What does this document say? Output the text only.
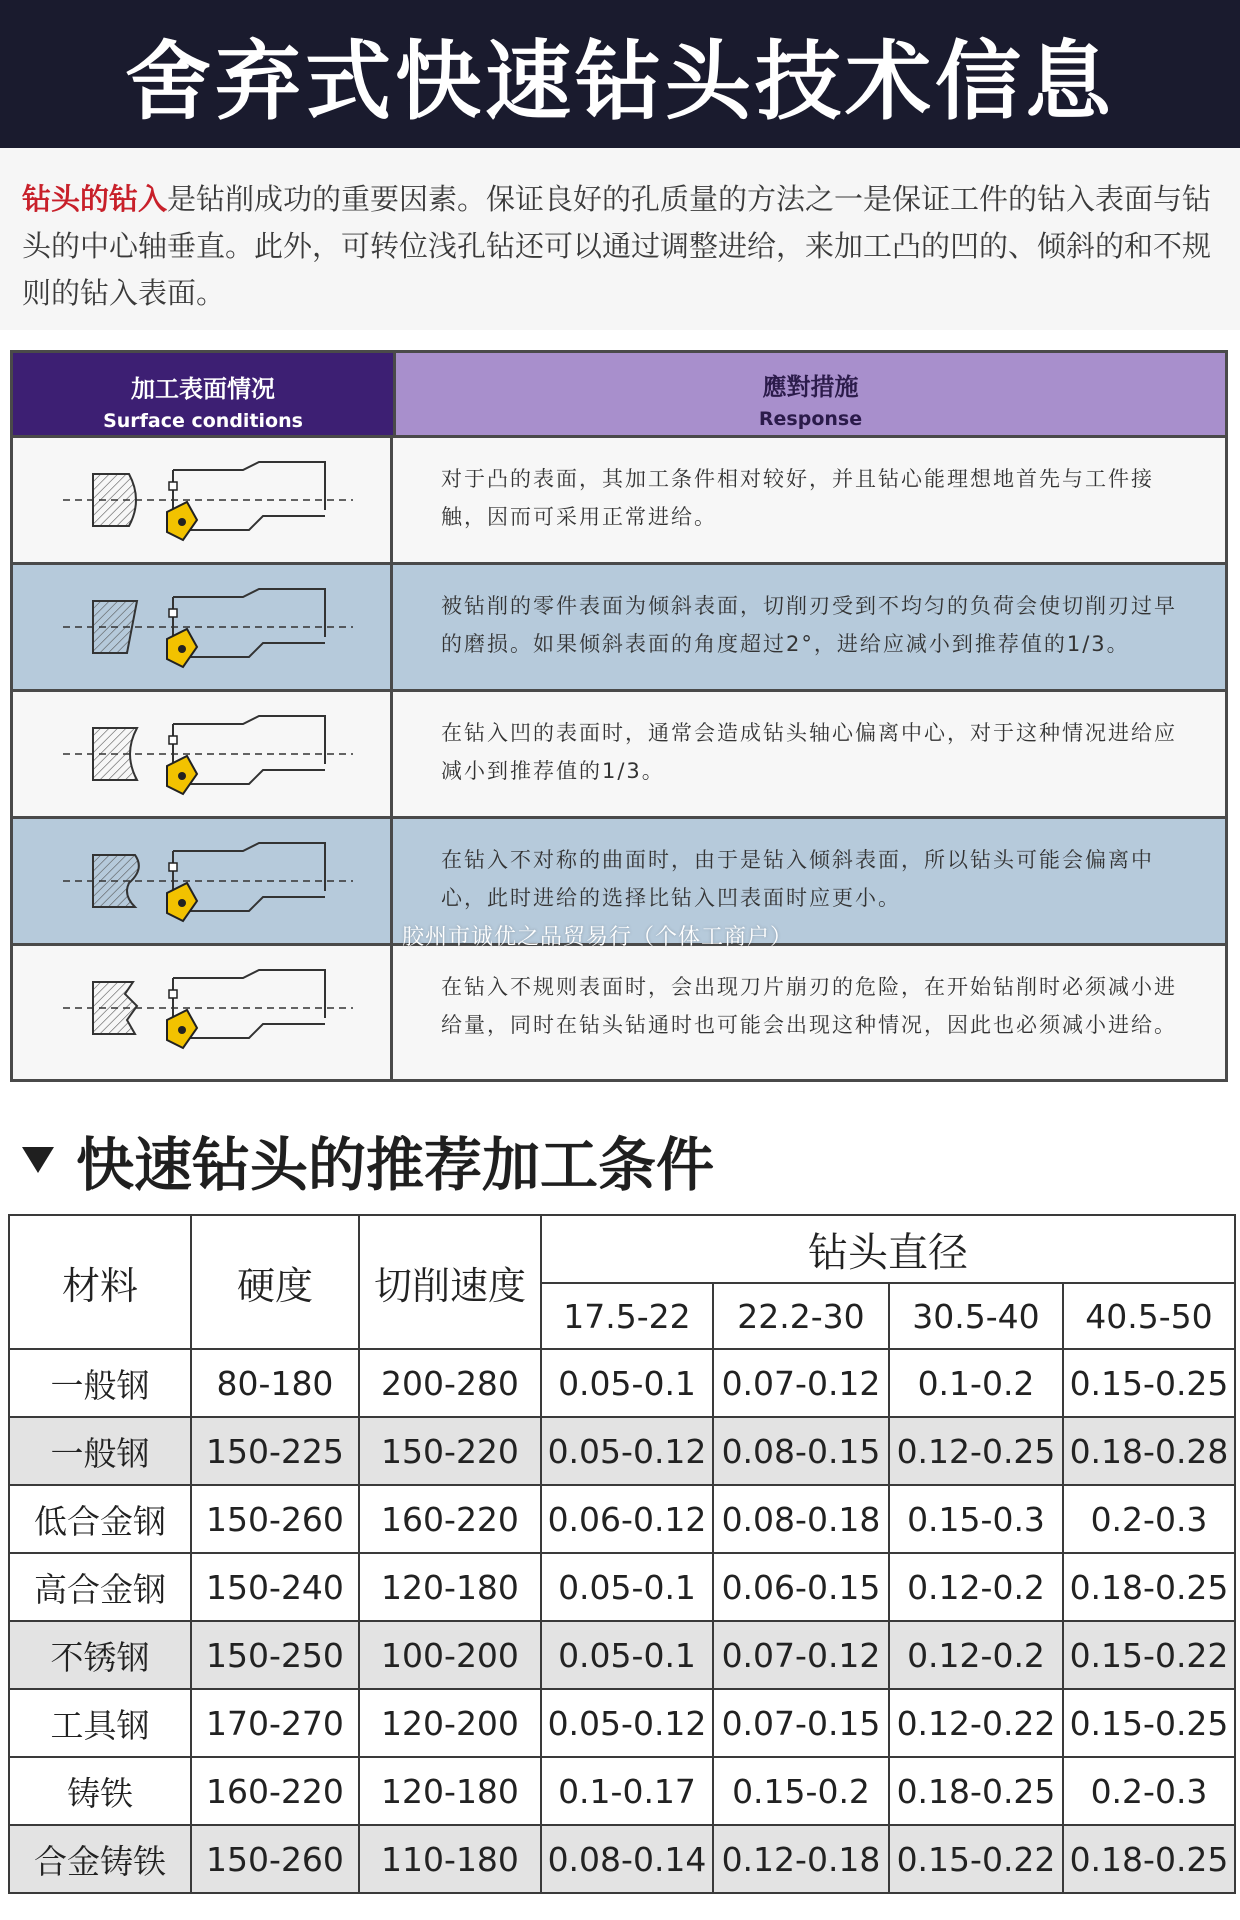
舍弃式快速钻头技术信息
钻头的钻入是钻削成功的重要因素。保证良好的孔质量的方法之一是保证工件的钻入表面与钻头的中心轴垂直。此外，可转位浅孔钻还可以通过调整进给，来加工凸的凹的、倾斜的和不规则的钻入表面。
加工表面情况
Surface conditions
應對措施
Response
对于凸的表面，其加工条件相对较好，并且钻心能理想地首先与工件接触，因而可采用正常进给。
被钻削的零件表面为倾斜表面，切削刃受到不均匀的负荷会使切削刃过早的磨损。如果倾斜表面的角度超过2°，进给应减小到推荐值的1/3。
在钻入凹的表面时，通常会造成钻头轴心偏离中心，对于这种情况进给应减小到推荐值的1/3。
在钻入不对称的曲面时，由于是钻入倾斜表面，所以钻头可能会偏离中心，此时进给的选择比钻入凹表面时应更小。
在钻入不规则表面时，会出现刀片崩刃的危险，在开始钻削时必须减小进给量，同时在钻头钻通时也可能会出现这种情况，因此也必须减小进给。
胶州市诚优之品贸易行（个体工商户）
快速钻头的推荐加工条件
材料	硬度	切削速度	钻头直径			
			17.5-22	22.2-30	30.5-40	40.5-50
一般钢	80-180	200-280	0.05-0.1	0.07-0.12	0.1-0.2	0.15-0.25
一般钢	150-225	150-220	0.05-0.12	0.08-0.15	0.12-0.25	0.18-0.28
低合金钢	150-260	160-220	0.06-0.12	0.08-0.18	0.15-0.3	0.2-0.3
高合金钢	150-240	120-180	0.05-0.1	0.06-0.15	0.12-0.2	0.18-0.25
不锈钢	150-250	100-200	0.05-0.1	0.07-0.12	0.12-0.2	0.15-0.22
工具钢	170-270	120-200	0.05-0.12	0.07-0.15	0.12-0.22	0.15-0.25
铸铁	160-220	120-180	0.1-0.17	0.15-0.2	0.18-0.25	0.2-0.3
合金铸铁	150-260	110-180	0.08-0.14	0.12-0.18	0.15-0.22	0.18-0.25
